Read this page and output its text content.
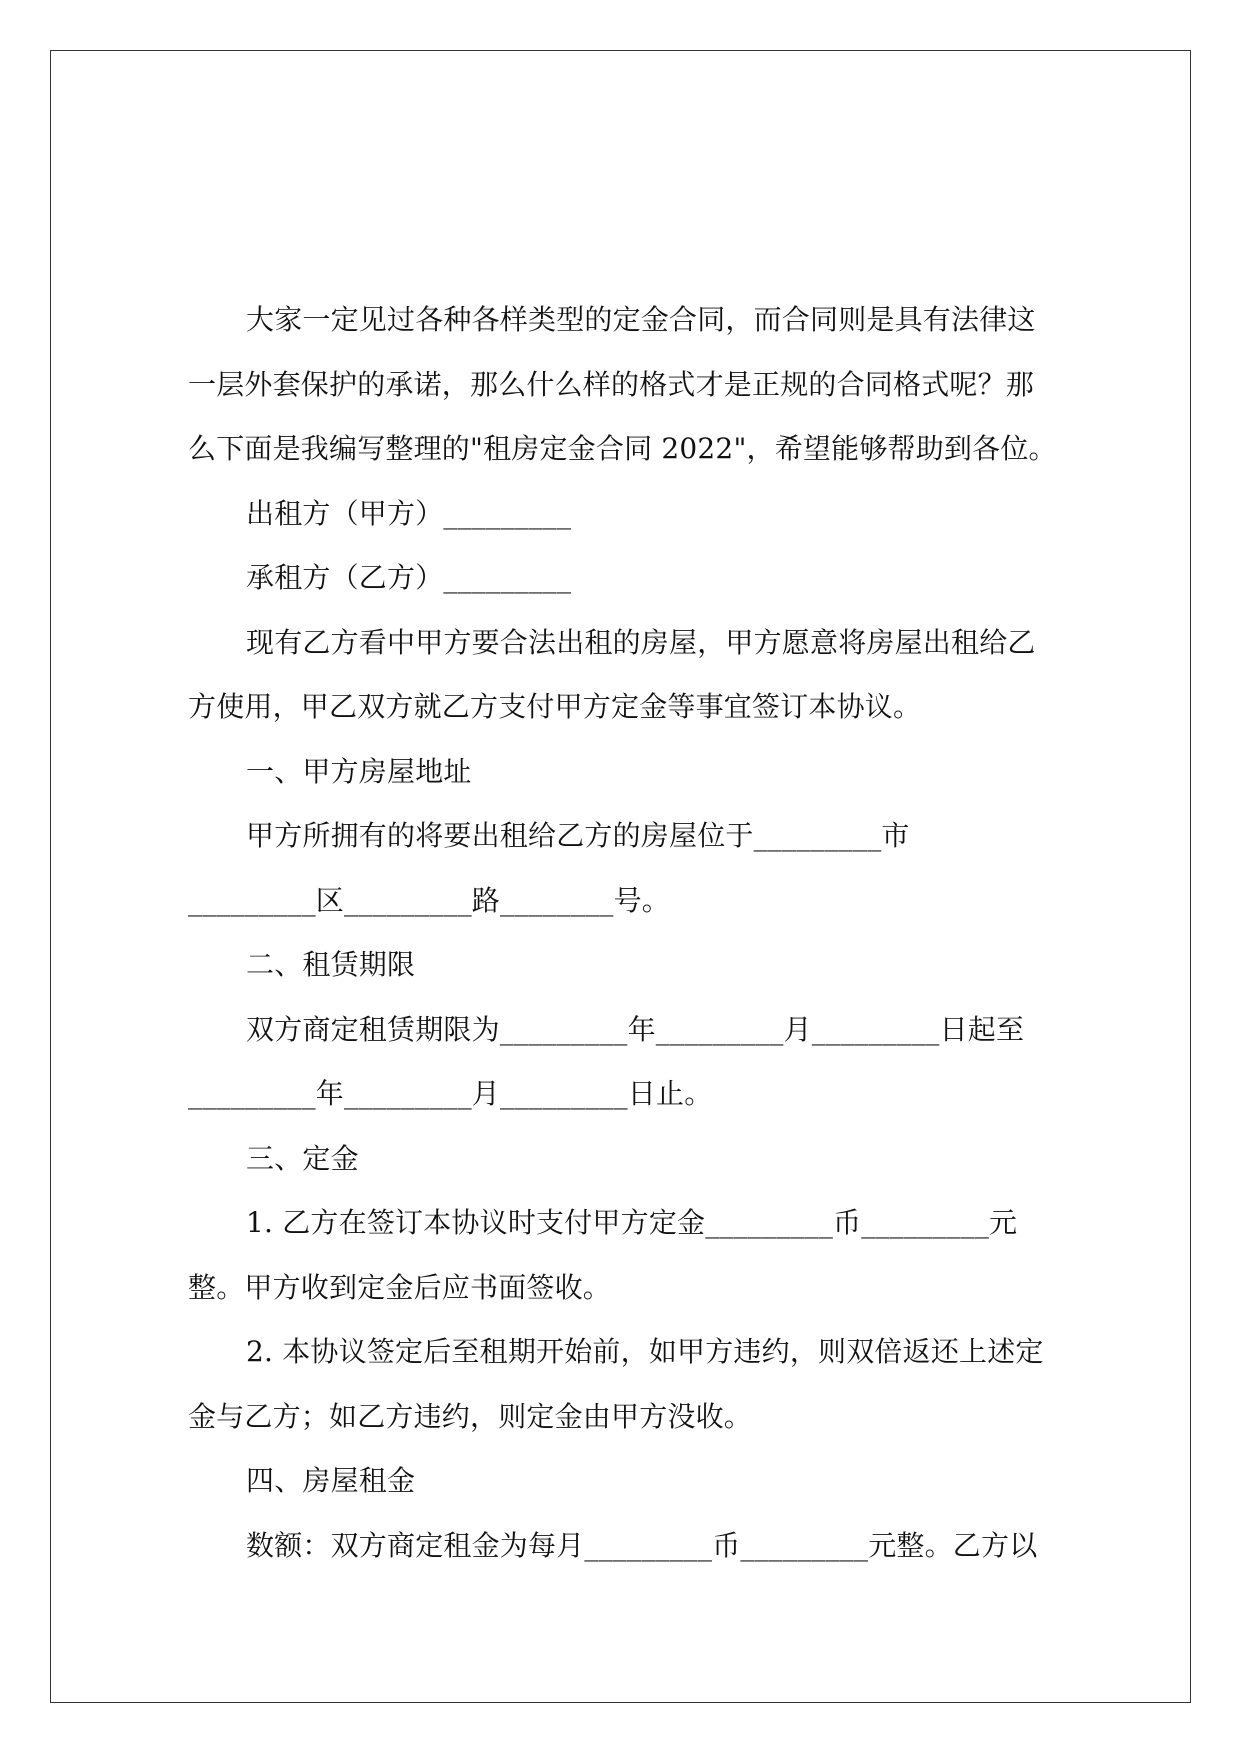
大家一定见过各种各样类型的定金合同，而合同则是具有法律这
一层外套保护的承诺，那么什么样的格式才是正规的合同格式呢？那
么下面是我编写整理的"租房定金合同 2022"，希望能够帮助到各位。
出租方（甲方）_________
承租方（乙方）_________
现有乙方看中甲方要合法出租的房屋，甲方愿意将房屋出租给乙
方使用，甲乙双方就乙方支付甲方定金等事宜签订本协议。
一、甲方房屋地址
甲方所拥有的将要出租给乙方的房屋位于_________市
_________区_________路________号。
二、租赁期限
双方商定租赁期限为_________年_________月_________日起至
_________年_________月_________日止。
三、定金
1. 乙方在签订本协议时支付甲方定金_________币_________元
整。甲方收到定金后应书面签收。
2. 本协议签定后至租期开始前，如甲方违约，则双倍返还上述定
金与乙方；如乙方违约，则定金由甲方没收。
四、房屋租金
数额：双方商定租金为每月_________币_________元整。乙方以
